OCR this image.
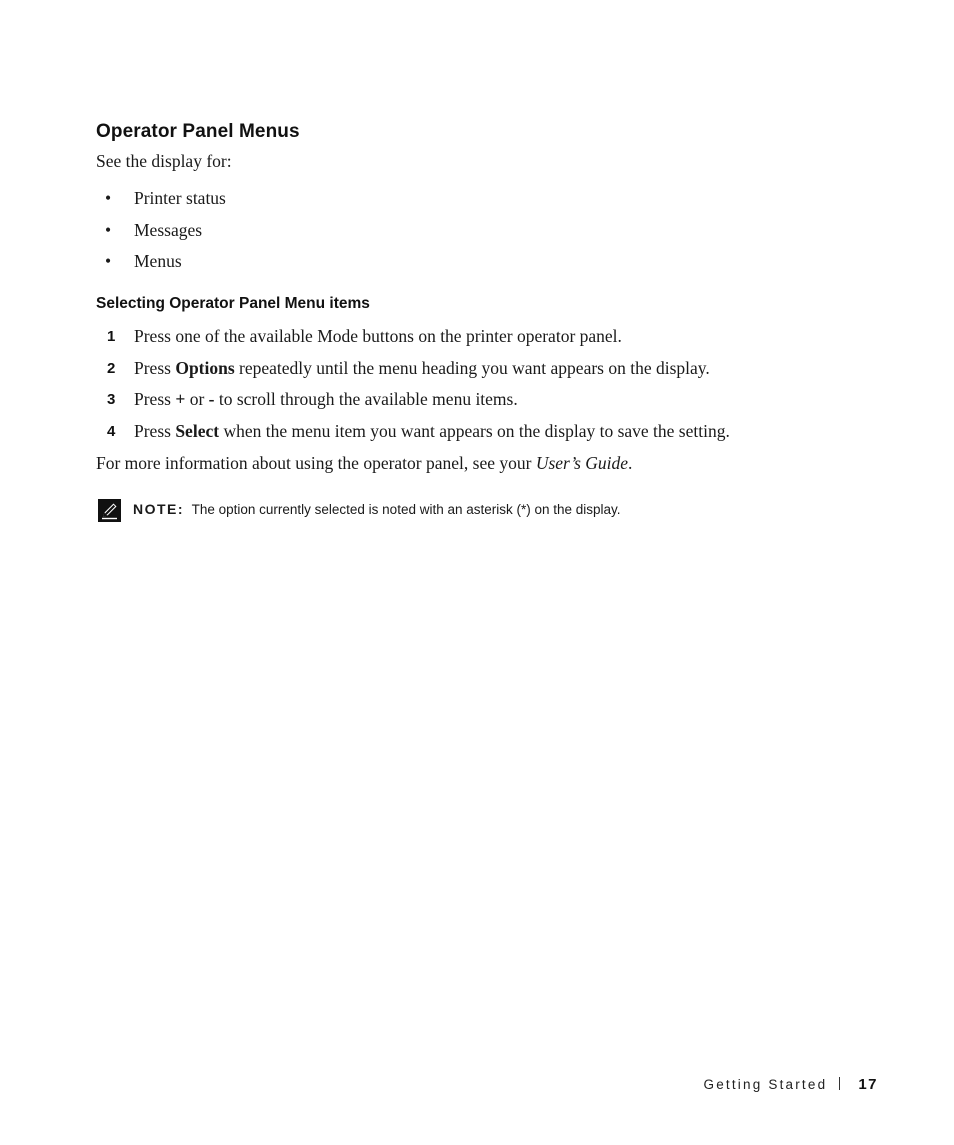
Operator Panel Menus
See the display for:
• Printer status
• Messages
• Menus
Selecting Operator Panel Menu items
1 Press one of the available Mode buttons on the printer operator panel.
2 Press Options repeatedly until the menu heading you want appears on the display.
3 Press + or - to scroll through the available menu items.
4 Press Select when the menu item you want appears on the display to save the setting.
For more information about using the operator panel, see your User’s Guide.
NOTE: The option currently selected is noted with an asterisk (*) on the display.
Getting Started 17
